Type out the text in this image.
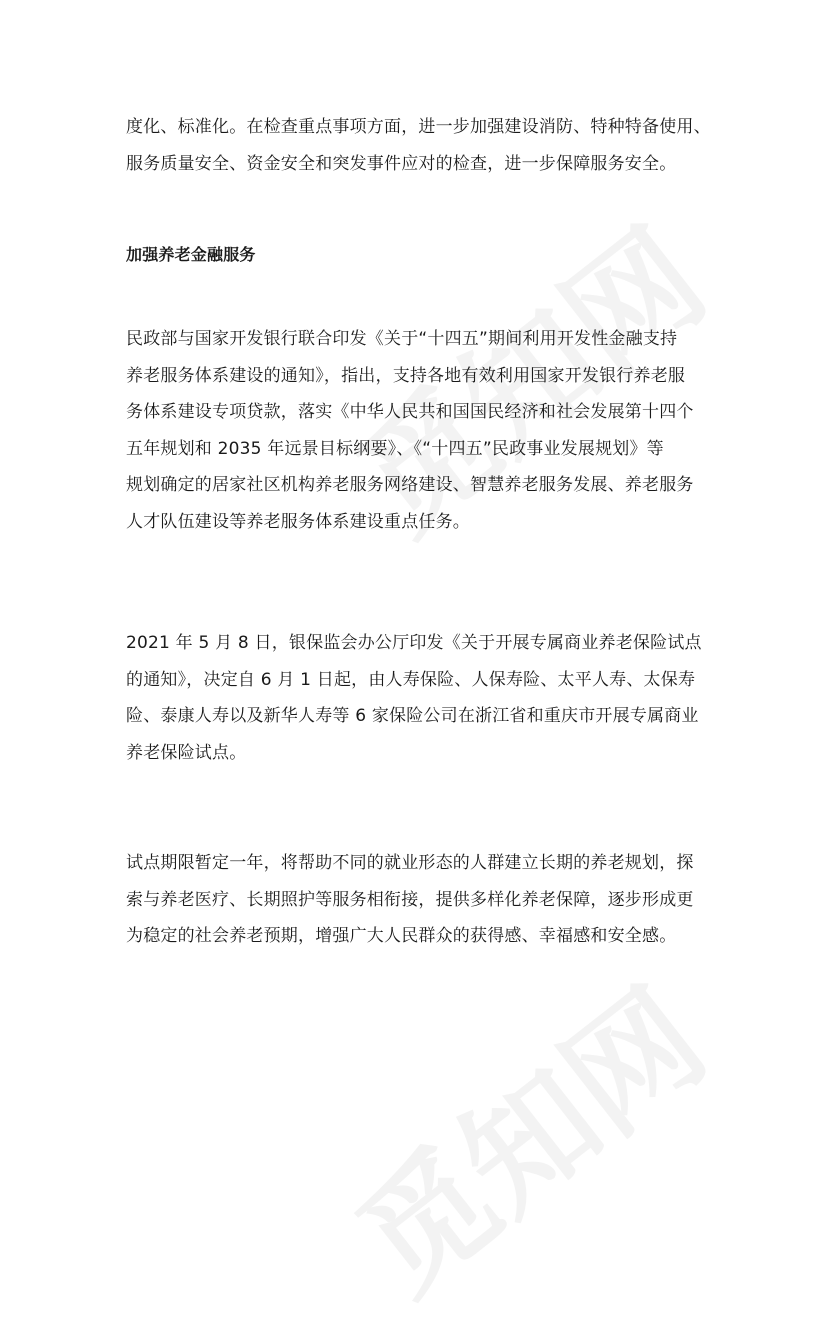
度化、标准化。在检查重点事项方面，进一步加强建设消防、特种特备使用、
服务质量安全、资金安全和突发事件应对的检查，进一步保障服务安全。
加强养老金融服务
民政部与国家开发银行联合印发《关于“十四五”期间利用开发性金融支持
养老服务体系建设的通知》，指出，支持各地有效利用国家开发银行养老服
务体系建设专项贷款，落实《中华人民共和国国民经济和社会发展第十四个
五年规划和 2035 年远景目标纲要》、《“十四五”民政事业发展规划》等
规划确定的居家社区机构养老服务网络建设、智慧养老服务发展、养老服务
人才队伍建设等养老服务体系建设重点任务。
2021 年 5 月 8 日，银保监会办公厅印发《关于开展专属商业养老保险试点
的通知》，决定自 6 月 1 日起，由人寿保险、人保寿险、太平人寿、太保寿
险、泰康人寿以及新华人寿等 6 家保险公司在浙江省和重庆市开展专属商业
养老保险试点。
试点期限暂定一年，将帮助不同的就业形态的人群建立长期的养老规划，探
索与养老医疗、长期照护等服务相衔接，提供多样化养老保障，逐步形成更
为稳定的社会养老预期，增强广大人民群众的获得感、幸福感和安全感。
